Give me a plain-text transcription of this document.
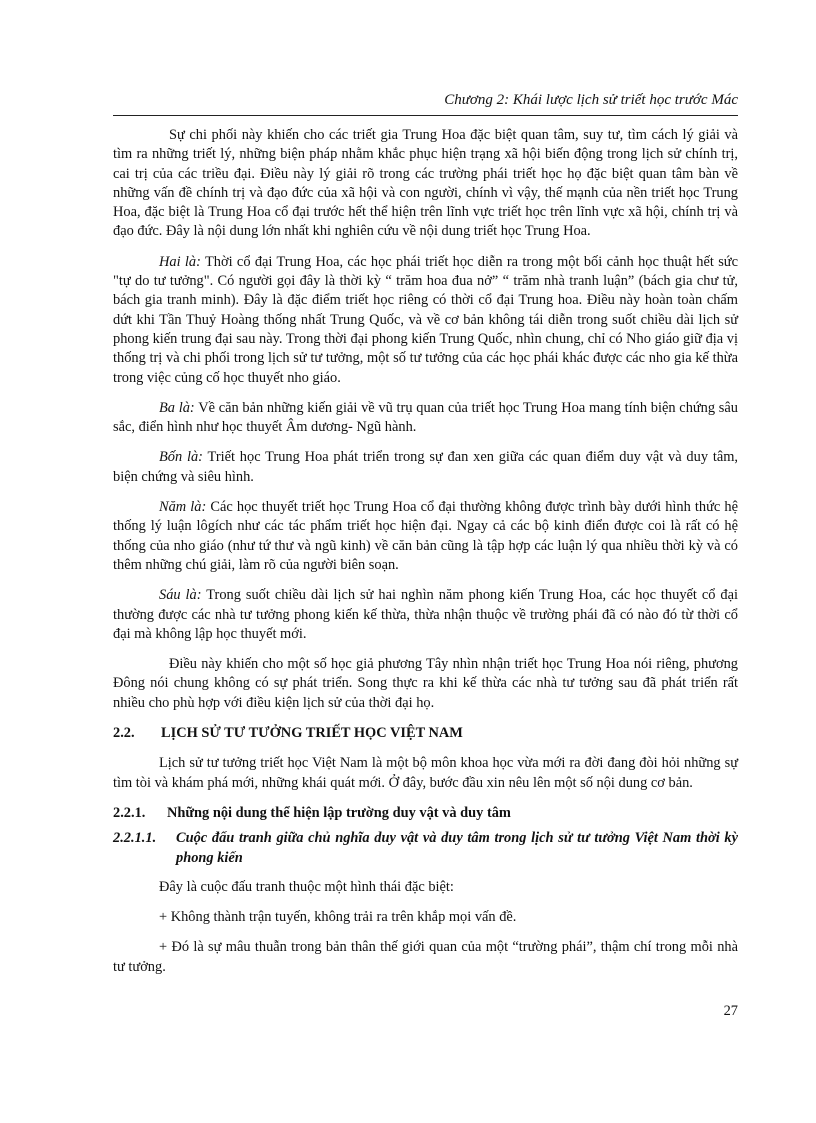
Chương 2: Khái lược lịch sử triết học trước Mác

Sự chi phối này khiến cho các triết gia Trung Hoa đặc biệt quan tâm, suy tư, tìm cách lý giải và tìm ra những triết lý, những biện pháp nhằm khắc phục hiện trạng xã hội biến động trong lịch sử chính trị, cai trị của các triều đại. Điều này lý giải rõ trong các trường phái triết học họ đặc biệt quan tâm bàn về những vấn đề chính trị và đạo đức của xã hội và con người, chính vì vậy, thế mạnh của nền triết học Trung Hoa, đặc biệt là Trung Hoa cổ đại trước hết thể hiện trên lĩnh vực triết học trên lĩnh vực xã hội, chính trị và đạo đức. Đây là nội dung lớn nhất khi nghiên cứu về nội dung triết học Trung Hoa.

Hai là: Thời cổ đại Trung Hoa, các học phái triết học diễn ra trong một bối cảnh học thuật hết sức "tự do tư tưởng". Có người gọi đây là thời kỳ “ trăm hoa đua nở” “ trăm nhà tranh luận” (bách gia chư tử, bách gia tranh minh). Đây là đặc điểm triết học riêng có thời cổ đại Trung hoa. Điều này hoàn toàn chấm dứt khi Tần Thuỷ Hoàng thống nhất Trung Quốc, và về cơ bản không tái diễn trong suốt chiều dài lịch sử phong kiến trung đại sau này. Trong thời đại phong kiến Trung Quốc, nhìn chung, chỉ có Nho giáo giữ địa vị thống trị và chi phối trong lịch sử tư tưởng, một số tư tưởng của các học phái khác được các nho gia kế thừa trong việc củng cố học thuyết nho giáo.

Ba là: Về căn bản những kiến giải về vũ trụ quan của triết học Trung Hoa mang tính biện chứng sâu sắc, điển hình như học thuyết Âm dương- Ngũ hành.

Bốn là: Triết học Trung Hoa phát triển trong sự đan xen giữa các quan điểm duy vật và duy tâm, biện chứng và siêu hình.

Năm là: Các học thuyết triết học Trung Hoa cổ đại thường không được trình bày dưới hình thức hệ thống lý luận lôgích như các tác phẩm triết học hiện đại. Ngay cả các bộ kinh điển được coi là rất có hệ thống của nho giáo (như tứ thư và ngũ kinh) về căn bản cũng là tập hợp các luận lý qua nhiều thời kỳ và có thêm những chú giải, làm rõ của người biên soạn.

Sáu là: Trong suốt chiều dài lịch sử hai nghìn năm phong kiến Trung Hoa, các học thuyết cổ đại thường được các nhà tư tưởng phong kiến kế thừa, thừa nhận thuộc về trường phái đã có nào đó từ thời cổ đại mà không lập học thuyết mới.

Điều này khiến cho một số học giả phương Tây nhìn nhận triết học Trung Hoa nói riêng, phương Đông nói chung không có sự phát triển. Song thực ra khi kế thừa các nhà tư tưởng sau đã phát triển rất nhiều cho phù hợp với điều kiện lịch sử của thời đại họ.

2.2.	LỊCH SỬ TƯ TƯỞNG TRIẾT HỌC VIỆT NAM

Lịch sử tư tưởng triết học Việt Nam là một bộ môn khoa học vừa mới ra đời đang đòi hỏi những sự tìm tòi và khám phá mới, những khái quát mới. Ở đây, bước đầu xin nêu lên một số nội dung cơ bản.

2.2.1.	Những nội dung thể hiện lập trường duy vật và duy tâm
2.2.1.1.	Cuộc đấu tranh giữa chủ nghĩa duy vật và duy tâm trong lịch sử tư tưởng Việt Nam thời kỳ phong kiến

Đây là cuộc đấu tranh thuộc một hình thái đặc biệt:

+ Không thành trận tuyến, không trải ra trên khắp mọi vấn đề.

+ Đó là sự mâu thuẫn trong bản thân thế giới quan của một “trường phái”, thậm chí trong mỗi nhà tư tưởng.

27
